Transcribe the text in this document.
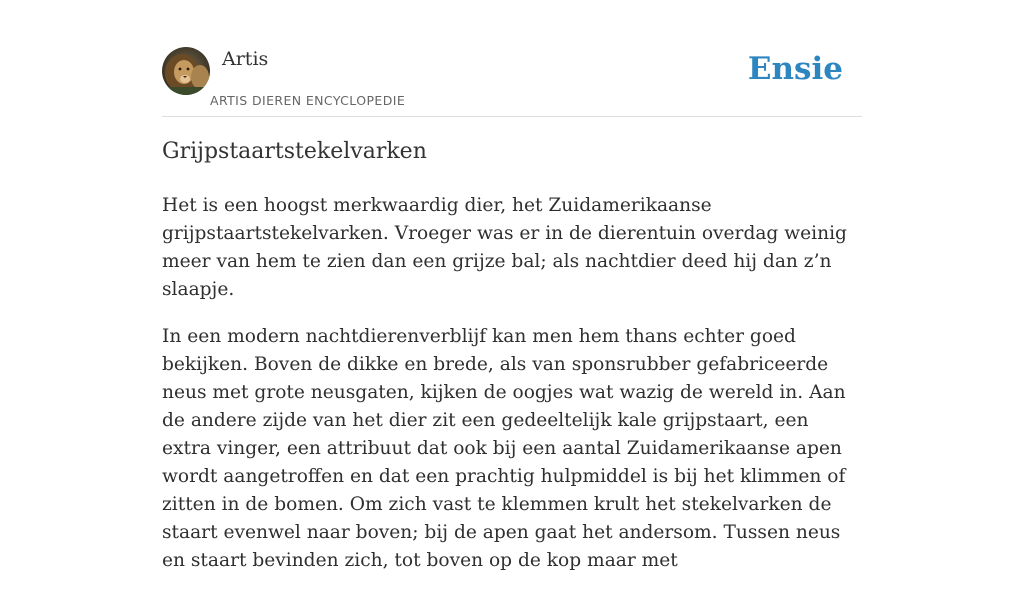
Artis
ARTIS DIEREN ENCYCLOPEDIE
Ensie
Grijpstaartstekelvarken

Het is een hoogst merkwaardig dier, het Zuidamerikaanse grijpstaartstekelvarken. Vroeger was er in de dierentuin overdag weinig meer van hem te zien dan een grijze bal; als nachtdier deed hij dan z’n slaapje.

In een modern nachtdierenverblijf kan men hem thans echter goed bekijken. Boven de dikke en brede, als van sponsrubber gefabriceerde neus met grote neusgaten, kijken de oogjes wat wazig de wereld in. Aan de andere zijde van het dier zit een gedeeltelijk kale grijpstaart, een extra vinger, een attribuut dat ook bij een aantal Zuidamerikaanse apen wordt aangetroffen en dat een prachtig hulpmiddel is bij het klimmen of zitten in de bomen. Om zich vast te klemmen krult het stekelvarken de staart evenwel naar boven; bij de apen gaat het andersom. Tussen neus en staart bevinden zich, tot boven op de kop maar met
